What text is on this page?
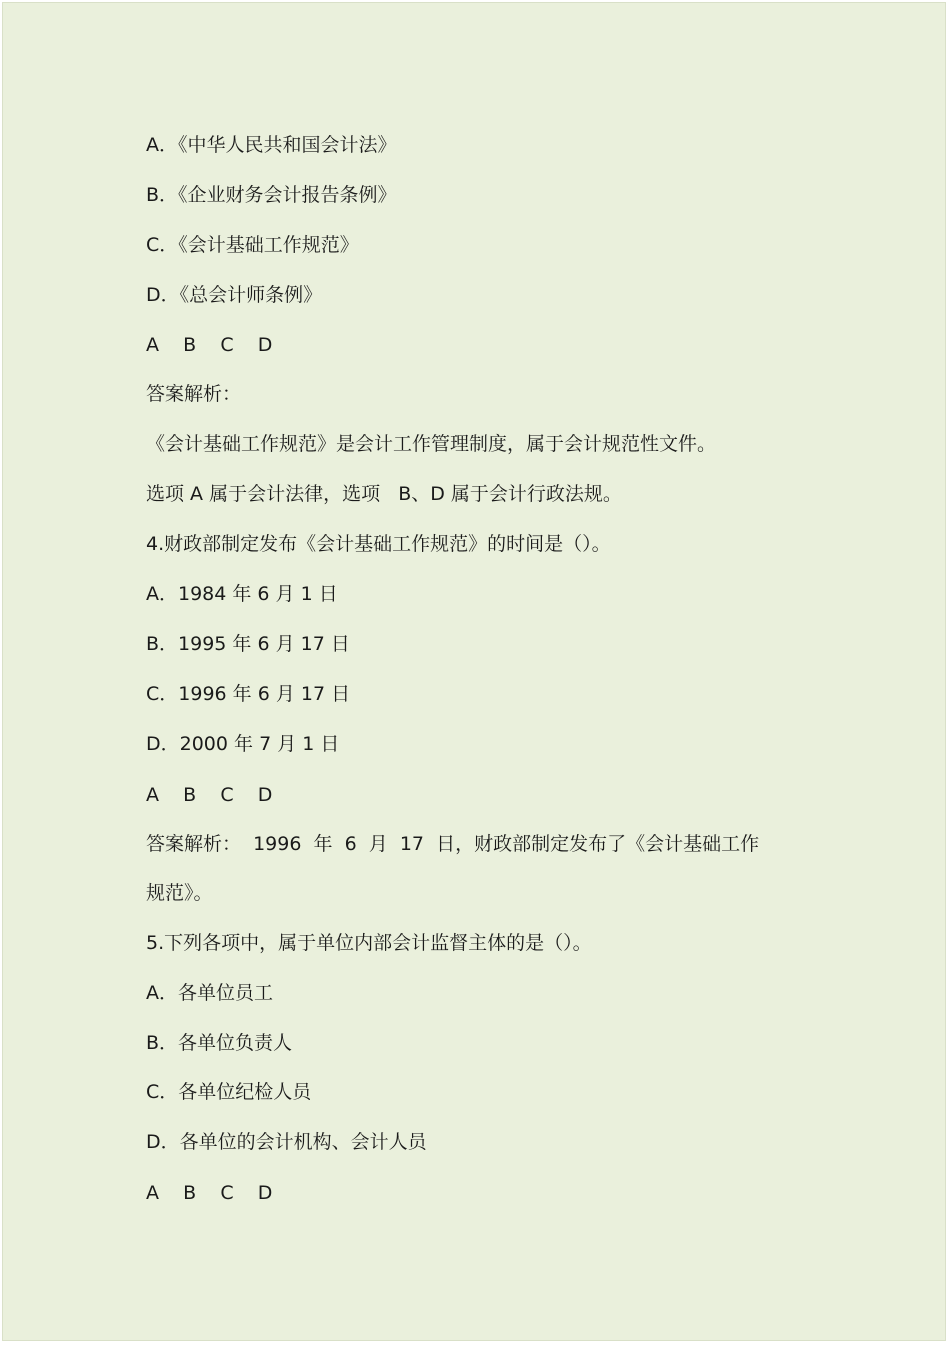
A．《中华人民共和国会计法》
B．《企业财务会计报告条例》
C．《会计基础工作规范》
D．《总会计师条例》
A    B    C    D
答案解析：
《会计基础工作规范》是会计工作管理制度，属于会计规范性文件。
选项 A 属于会计法律，选项   B、D 属于会计行政法规。
4.财政部制定发布《会计基础工作规范》的时间是（）。
A．1984 年 6 月 1 日
B．1995 年 6 月 17 日
C．1996 年 6 月 17 日
D．2000 年 7 月 1 日
A    B    C    D
答案解析：  1996  年  6  月  17  日，财政部制定发布了《会计基础工作
规范》。
5.下列各项中，属于单位内部会计监督主体的是（）。
A．各单位员工
B．各单位负责人
C．各单位纪检人员
D．各单位的会计机构、会计人员
A    B    C    D
